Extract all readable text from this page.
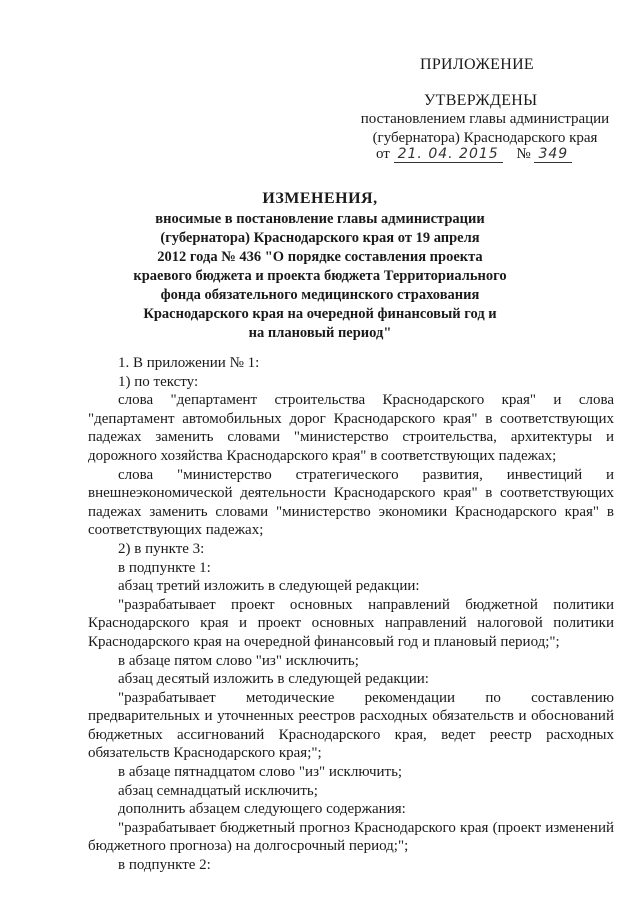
ПРИЛОЖЕНИЕ
УТВЕРЖДЕНЫ
постановлением главы администрации
(губернатора) Краснодарского края
от 21. 04. 2015 № 349
ИЗМЕНЕНИЯ,
вносимые в постановление главы администрации
(губернатора) Краснодарского края от 19 апреля
2012 года № 436 "О порядке составления проекта
краевого бюджета и проекта бюджета Территориального
фонда обязательного медицинского страхования
Краснодарского края на очередной финансовый год и
на плановый период"

1. В приложении № 1:

1) по тексту:

слова "департамент строительства Краснодарского края" и слова "департамент автомобильных дорог Краснодарского края" в соответствующих падежах заменить словами "министерство строительства, архитектуры и дорожного хозяйства Краснодарского края" в соответствующих падежах;

слова "министерство стратегического развития, инвестиций и внешнеэкономической деятельности Краснодарского края" в соответствующих падежах заменить словами "министерство экономики Краснодарского края" в соответствующих падежах;

2) в пункте 3:

в подпункте 1:

абзац третий изложить в следующей редакции:

"разрабатывает проект основных направлений бюджетной политики Краснодарского края и проект основных направлений налоговой политики Краснодарского края на очередной финансовый год и плановый период;";

в абзаце пятом слово "из" исключить;

абзац десятый изложить в следующей редакции:

"разрабатывает методические рекомендации по составлению предварительных и уточненных реестров расходных обязательств и обоснований бюджетных ассигнований Краснодарского края, ведет реестр расходных обязательств Краснодарского края;";

в абзаце пятнадцатом слово "из" исключить;

абзац семнадцатый исключить;

дополнить абзацем следующего содержания:

"разрабатывает бюджетный прогноз Краснодарского края (проект изменений бюджетного прогноза) на долгосрочный период;";

в подпункте 2:
